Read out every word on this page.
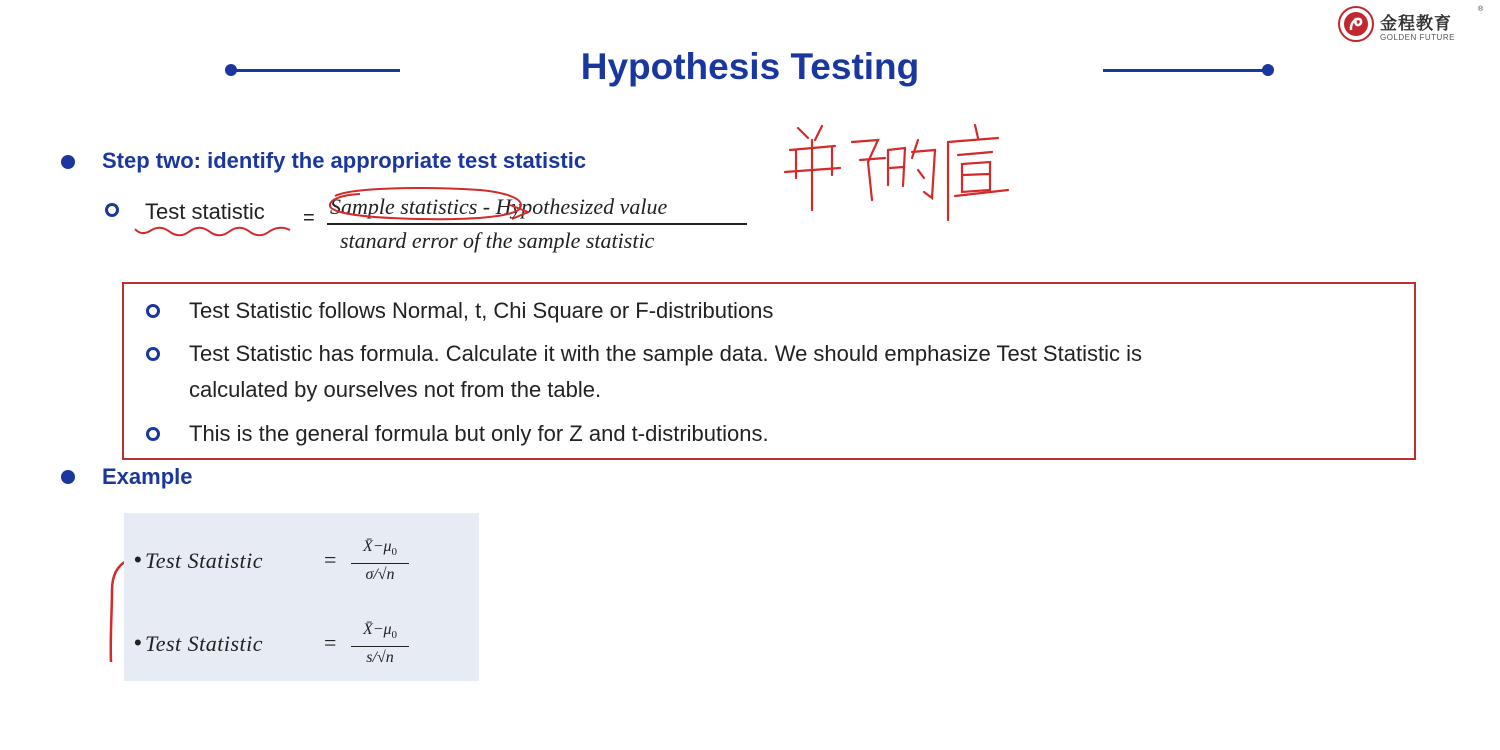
金程教育
®
GOLDEN FUTURE
Hypothesis Testing
Step two: identify the appropriate test statistic
Test statistic = Sample statistics - Hypothesized value
stanard error of the sample statistic
Test Statistic follows Normal, t, Chi Square or F-distributions
Test Statistic has formula. Calculate it with the sample data. We should emphasize Test Statistic is
calculated by ourselves not from the table.
This is the general formula but only for Z and t-distributions.
Example
• Test Statistic	=
$X̄-\mu_0$
σ/√n
• Test Statistic	=
$X̄-\mu_0$
s/√n
